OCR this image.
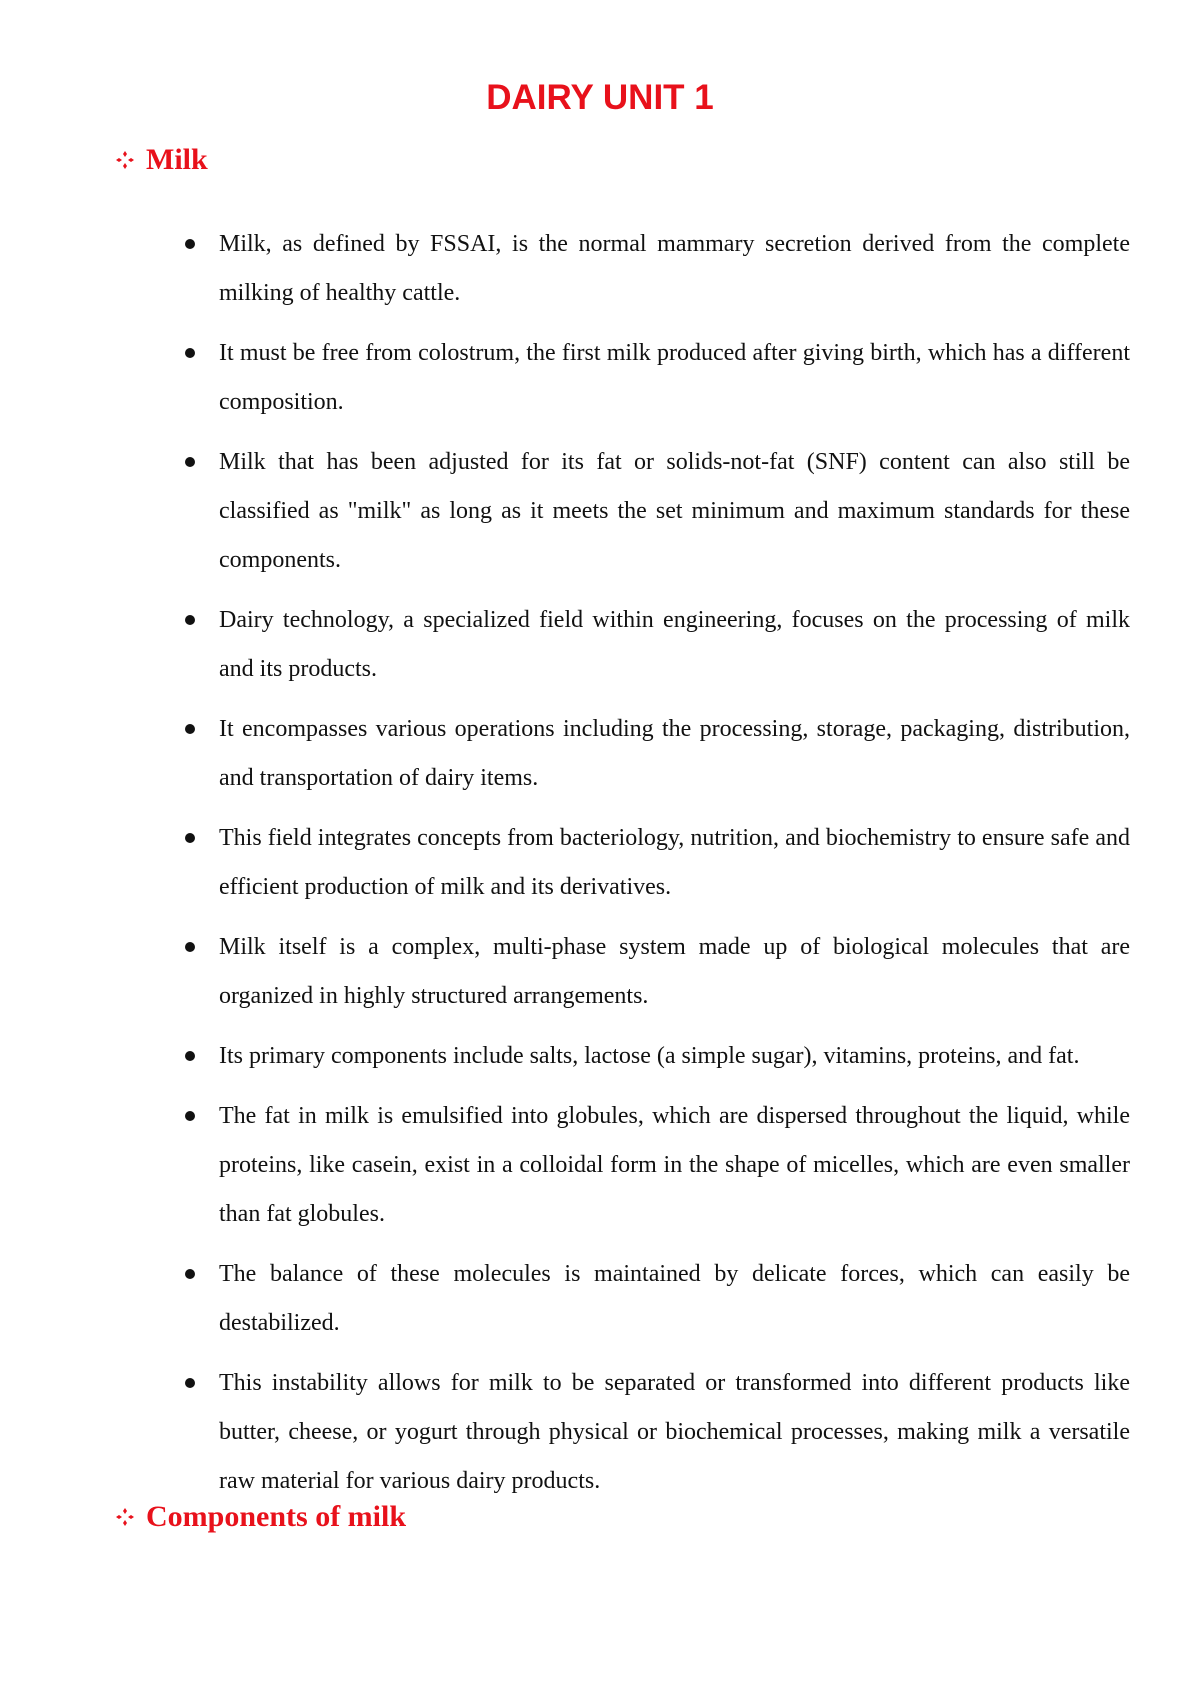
DAIRY UNIT 1
Milk
Milk, as defined by FSSAI, is the normal mammary secretion derived from the complete milking of healthy cattle.
It must be free from colostrum, the first milk produced after giving birth, which has a different composition.
Milk that has been adjusted for its fat or solids-not-fat (SNF) content can also still be classified as "milk" as long as it meets the set minimum and maximum standards for these components.
Dairy technology, a specialized field within engineering, focuses on the processing of milk and its products.
It encompasses various operations including the processing, storage, packaging, distribution, and transportation of dairy items.
This field integrates concepts from bacteriology, nutrition, and biochemistry to ensure safe and efficient production of milk and its derivatives.
Milk itself is a complex, multi-phase system made up of biological molecules that are organized in highly structured arrangements.
Its primary components include salts, lactose (a simple sugar), vitamins, proteins, and fat.
The fat in milk is emulsified into globules, which are dispersed throughout the liquid, while proteins, like casein, exist in a colloidal form in the shape of micelles, which are even smaller than fat globules.
The balance of these molecules is maintained by delicate forces, which can easily be destabilized.
This instability allows for milk to be separated or transformed into different products like butter, cheese, or yogurt through physical or biochemical processes, making milk a versatile raw material for various dairy products.
Components of milk
